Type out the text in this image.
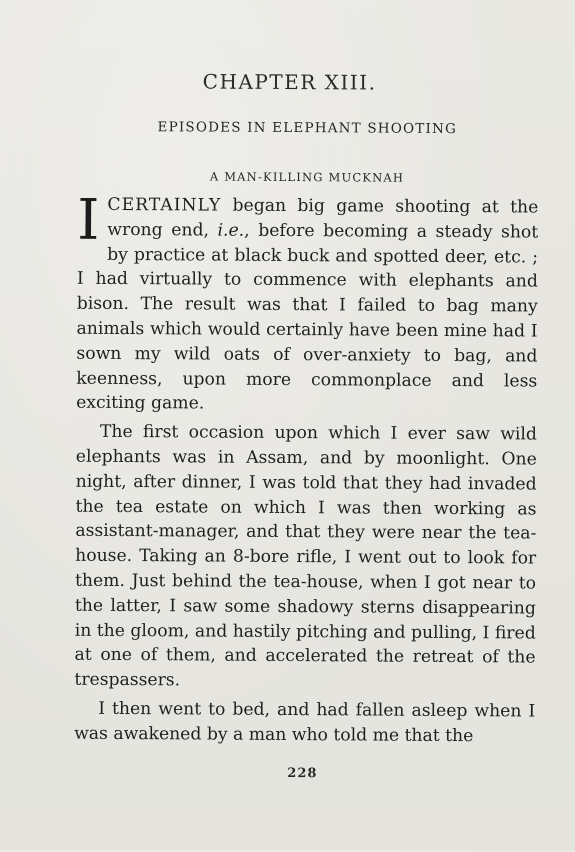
CHAPTER XIII.
EPISODES IN ELEPHANT SHOOTING
A MAN-KILLING MUCKNAH

ICERTAINLY began big game shooting at the wrong end, i.e., before becoming a steady shot by practice at black buck and spotted deer, etc. ; I had virtually to commence with elephants and bison. The result was that I failed to bag many animals which would certainly have been mine had I sown my wild oats of over-anxiety to bag, and keenness, upon more commonplace and less exciting game.

The first occasion upon which I ever saw wild elephants was in Assam, and by moonlight. One night, after dinner, I was told that they had invaded the tea estate on which I was then working as assistant-manager, and that they were near the tea-house. Taking an 8-bore rifle, I went out to look for them. Just behind the tea-house, when I got near to the latter, I saw some shadowy sterns disappearing in the gloom, and hastily pitching and pulling, I fired at one of them, and accelerated the retreat of the trespassers.

I then went to bed, and had fallen asleep when I was awakened by a man who told me that the

228
